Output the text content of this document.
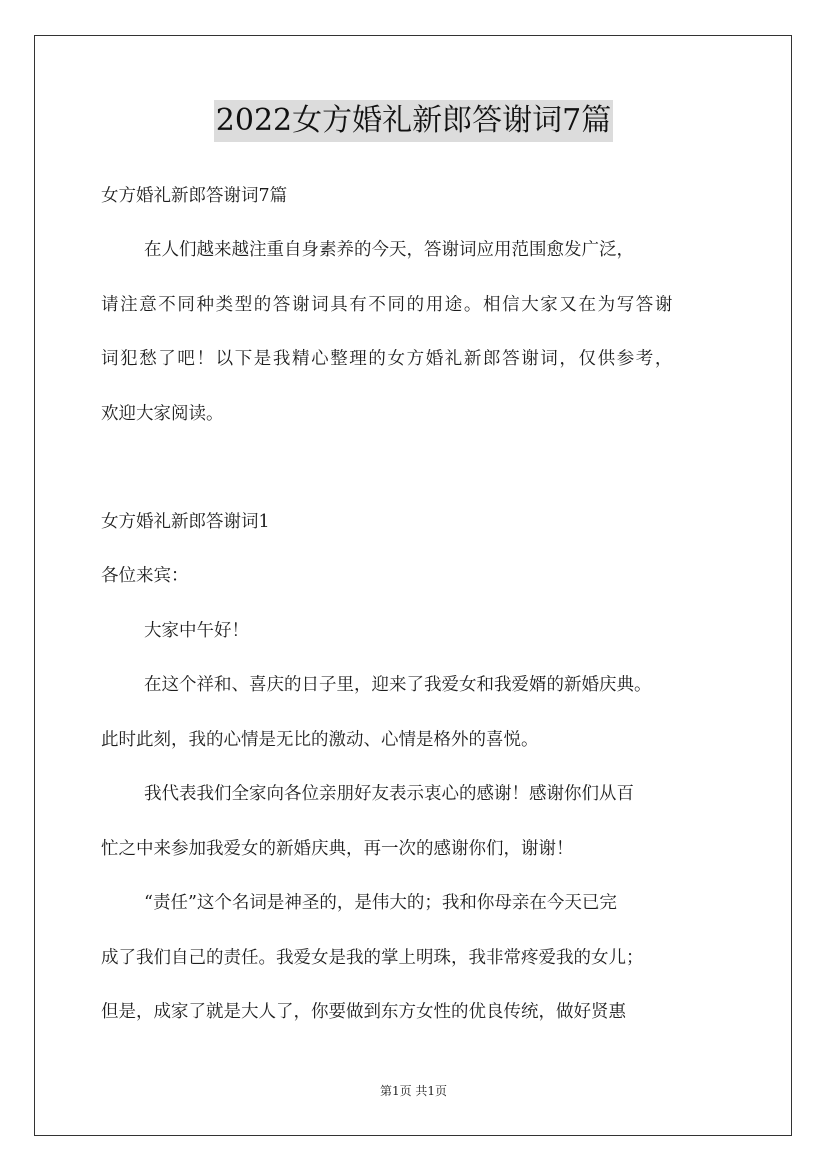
2022女方婚礼新郎答谢词7篇
女方婚礼新郎答谢词7篇
在人们越来越注重自身素养的今天，答谢词应用范围愈发广泛，
请注意不同种类型的答谢词具有不同的用途。相信大家又在为写答谢
词犯愁了吧！以下是我精心整理的女方婚礼新郎答谢词，仅供参考，
欢迎大家阅读。
女方婚礼新郎答谢词1
各位来宾：
大家中午好！
在这个祥和、喜庆的日子里，迎来了我爱女和我爱婿的新婚庆典。
此时此刻，我的心情是无比的激动、心情是格外的喜悦。
我代表我们全家向各位亲朋好友表示衷心的感谢！感谢你们从百
忙之中来参加我爱女的新婚庆典，再一次的感谢你们，谢谢！
“责任”这个名词是神圣的，是伟大的；我和你母亲在今天已完
成了我们自己的责任。我爱女是我的掌上明珠，我非常疼爱我的女儿；
但是，成家了就是大人了，你要做到东方女性的优良传统，做好贤惠
第1页 共1页
